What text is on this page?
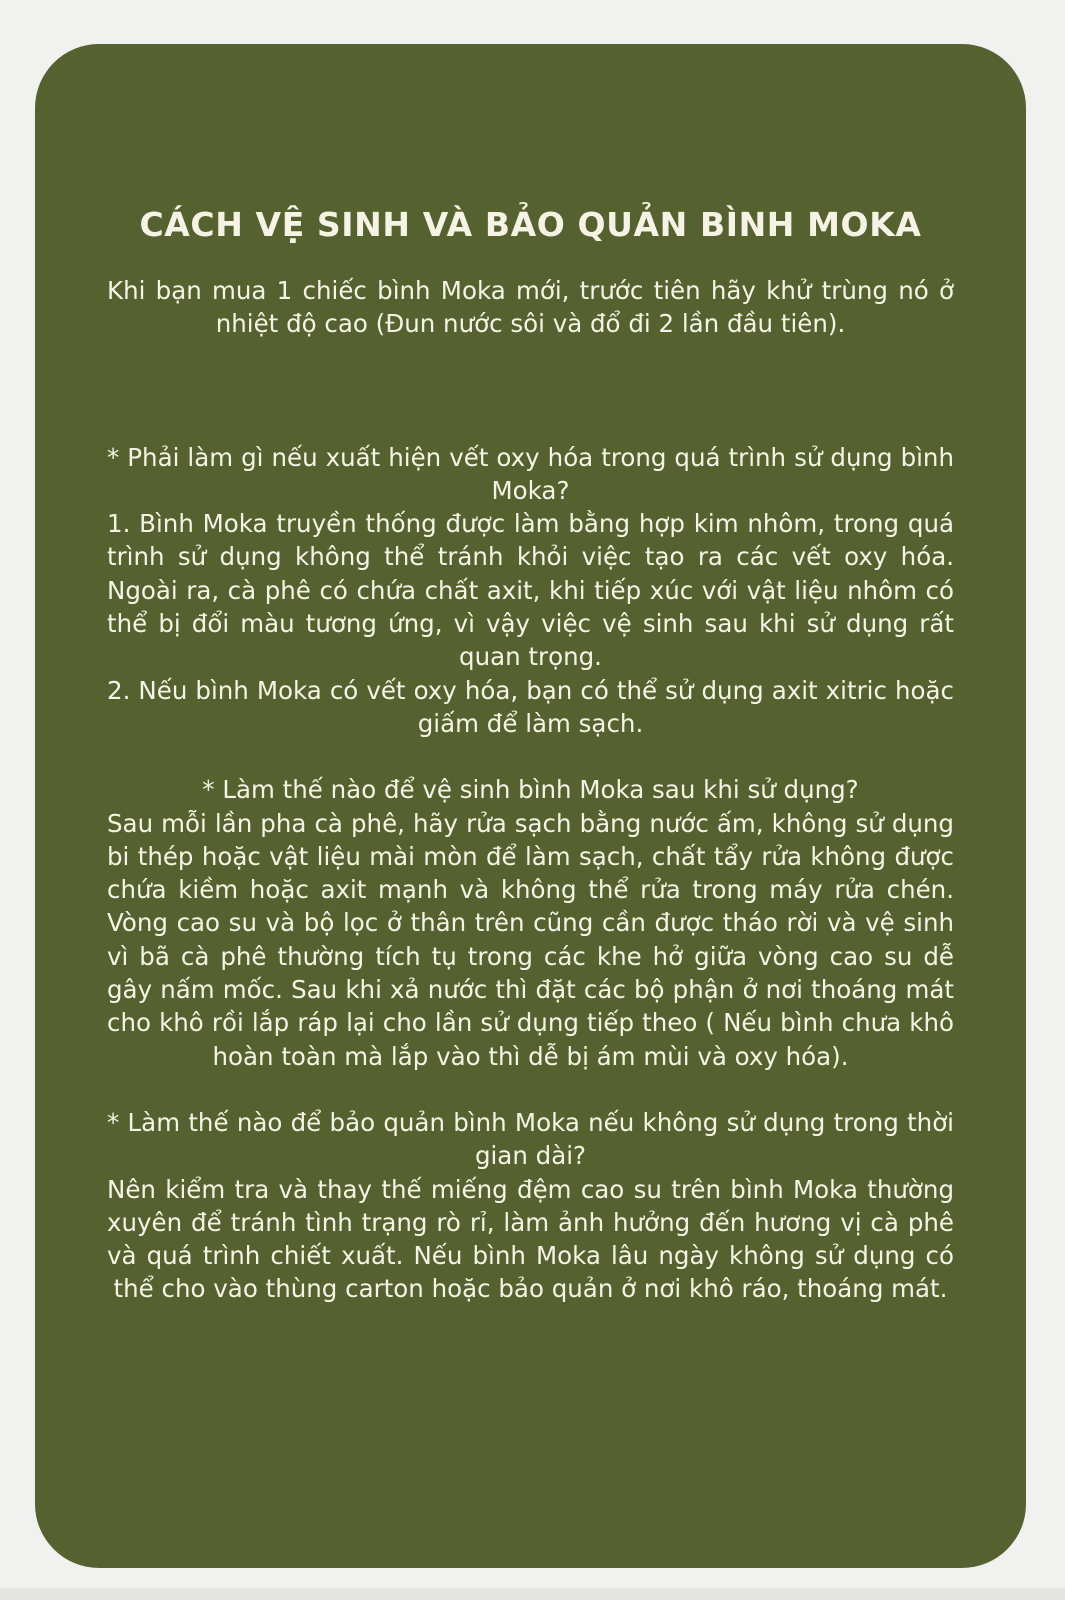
CÁCH VỆ SINH VÀ BẢO QUẢN BÌNH MOKA

Khi bạn mua 1 chiếc bình Moka mới, trước tiên hãy khử trùng nó ở nhiệt độ cao (Đun nước sôi và đổ đi 2 lần đầu tiên).

* Phải làm gì nếu xuất hiện vết oxy hóa trong quá trình sử dụng bình Moka?

1. Bình Moka truyền thống được làm bằng hợp kim nhôm, trong quá trình sử dụng không thể tránh khỏi việc tạo ra các vết oxy hóa. Ngoài ra, cà phê có chứa chất axit, khi tiếp xúc với vật liệu nhôm có thể bị đổi màu tương ứng, vì vậy việc vệ sinh sau khi sử dụng rất quan trọng.

2. Nếu bình Moka có vết oxy hóa, bạn có thể sử dụng axit xitric hoặc giấm để làm sạch.

* Làm thế nào để vệ sinh bình Moka sau khi sử dụng?

Sau mỗi lần pha cà phê, hãy rửa sạch bằng nước ấm, không sử dụng bi thép hoặc vật liệu mài mòn để làm sạch, chất tẩy rửa không được chứa kiềm hoặc axit mạnh và không thể rửa trong máy rửa chén. Vòng cao su và bộ lọc ở thân trên cũng cần được tháo rời và vệ sinh vì bã cà phê thường tích tụ trong các khe hở giữa vòng cao su dễ gây nấm mốc. Sau khi xả nước thì đặt các bộ phận ở nơi thoáng mát cho khô rồi lắp ráp lại cho lần sử dụng tiếp theo ( Nếu bình chưa khô hoàn toàn mà lắp vào thì dễ bị ám mùi và oxy hóa).

* Làm thế nào để bảo quản bình Moka nếu không sử dụng trong thời gian dài?

Nên kiểm tra và thay thế miếng đệm cao su trên bình Moka thường xuyên để tránh tình trạng rò rỉ, làm ảnh hưởng đến hương vị cà phê và quá trình chiết xuất. Nếu bình Moka lâu ngày không sử dụng có thể cho vào thùng carton hoặc bảo quản ở nơi khô ráo, thoáng mát.
